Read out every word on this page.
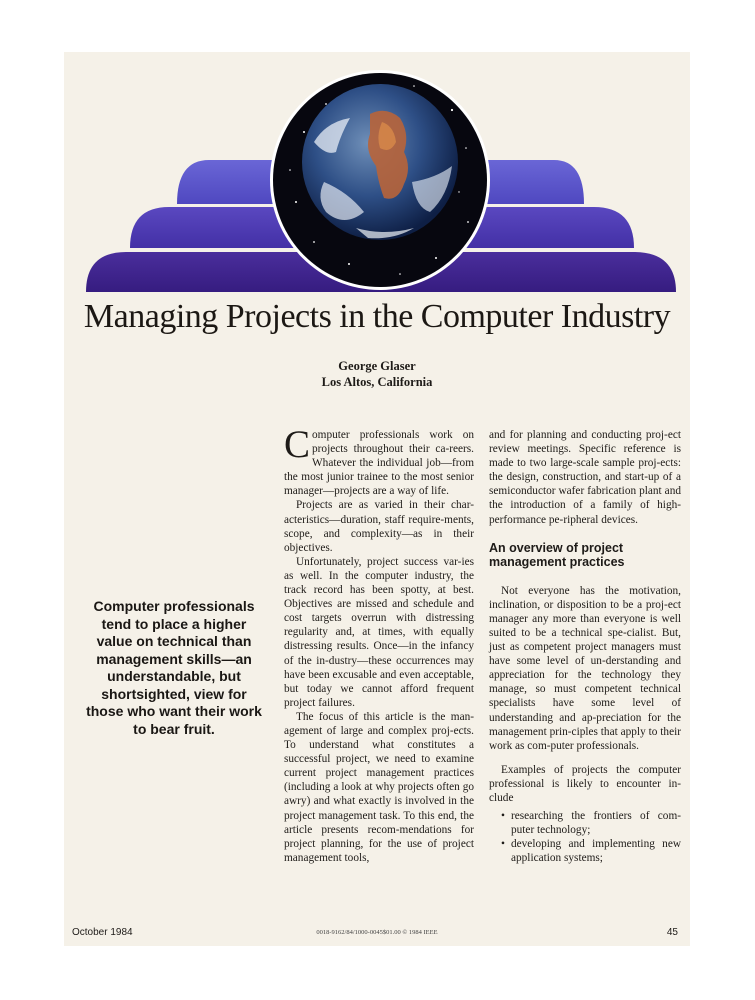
Managing Projects in the Computer Industry
George Glaser
Los Altos, California
Computer professionals tend to place a higher value on technical than management skills—an understandable, but shortsighted, view for those who want their work to bear fruit.

Computer professionals work on projects throughout their ca-reers. Whatever the individual job—from the most junior trainee to the most senior manager—projects are a way of life.

Projects are as varied in their char-acteristics—duration, staff require-ments, scope, and complexity—as in their objectives.

Unfortunately, project success var-ies as well. In the computer industry, the track record has been spotty, at best. Objectives are missed and schedule and cost targets overrun with distressing regularity and, at times, with equally distressing results. Once—in the infancy of the in-dustry—these occurrences may have been excusable and even acceptable, but today we cannot afford frequent project failures.

The focus of this article is the man-agement of large and complex proj-ects. To understand what constitutes a successful project, we need to examine current project management practices (including a look at why projects often go awry) and what exactly is involved in the project management task. To this end, the article presents recom-mendations for project planning, for the use of project management tools,

and for planning and conducting proj-ect review meetings. Specific reference is made to two large-scale sample proj-ects: the design, construction, and start-up of a semiconductor wafer fabrication plant and the introduction of a family of high-performance pe-ripheral devices.

An overview of project management practices

Not everyone has the motivation, inclination, or disposition to be a proj-ect manager any more than everyone is well suited to be a technical spe-cialist. But, just as competent project managers must have some level of un-derstanding and appreciation for the technology they manage, so must competent technical specialists have some level of understanding and ap-preciation for the management prin-ciples that apply to their work as com-puter professionals.

Examples of projects the computer professional is likely to encounter in-clude

• researching the frontiers of com-puter technology;
• developing and implementing new application systems;
October 1984	0018-9162/84/1000-0045$01.00 © 1984 IEEE	45
